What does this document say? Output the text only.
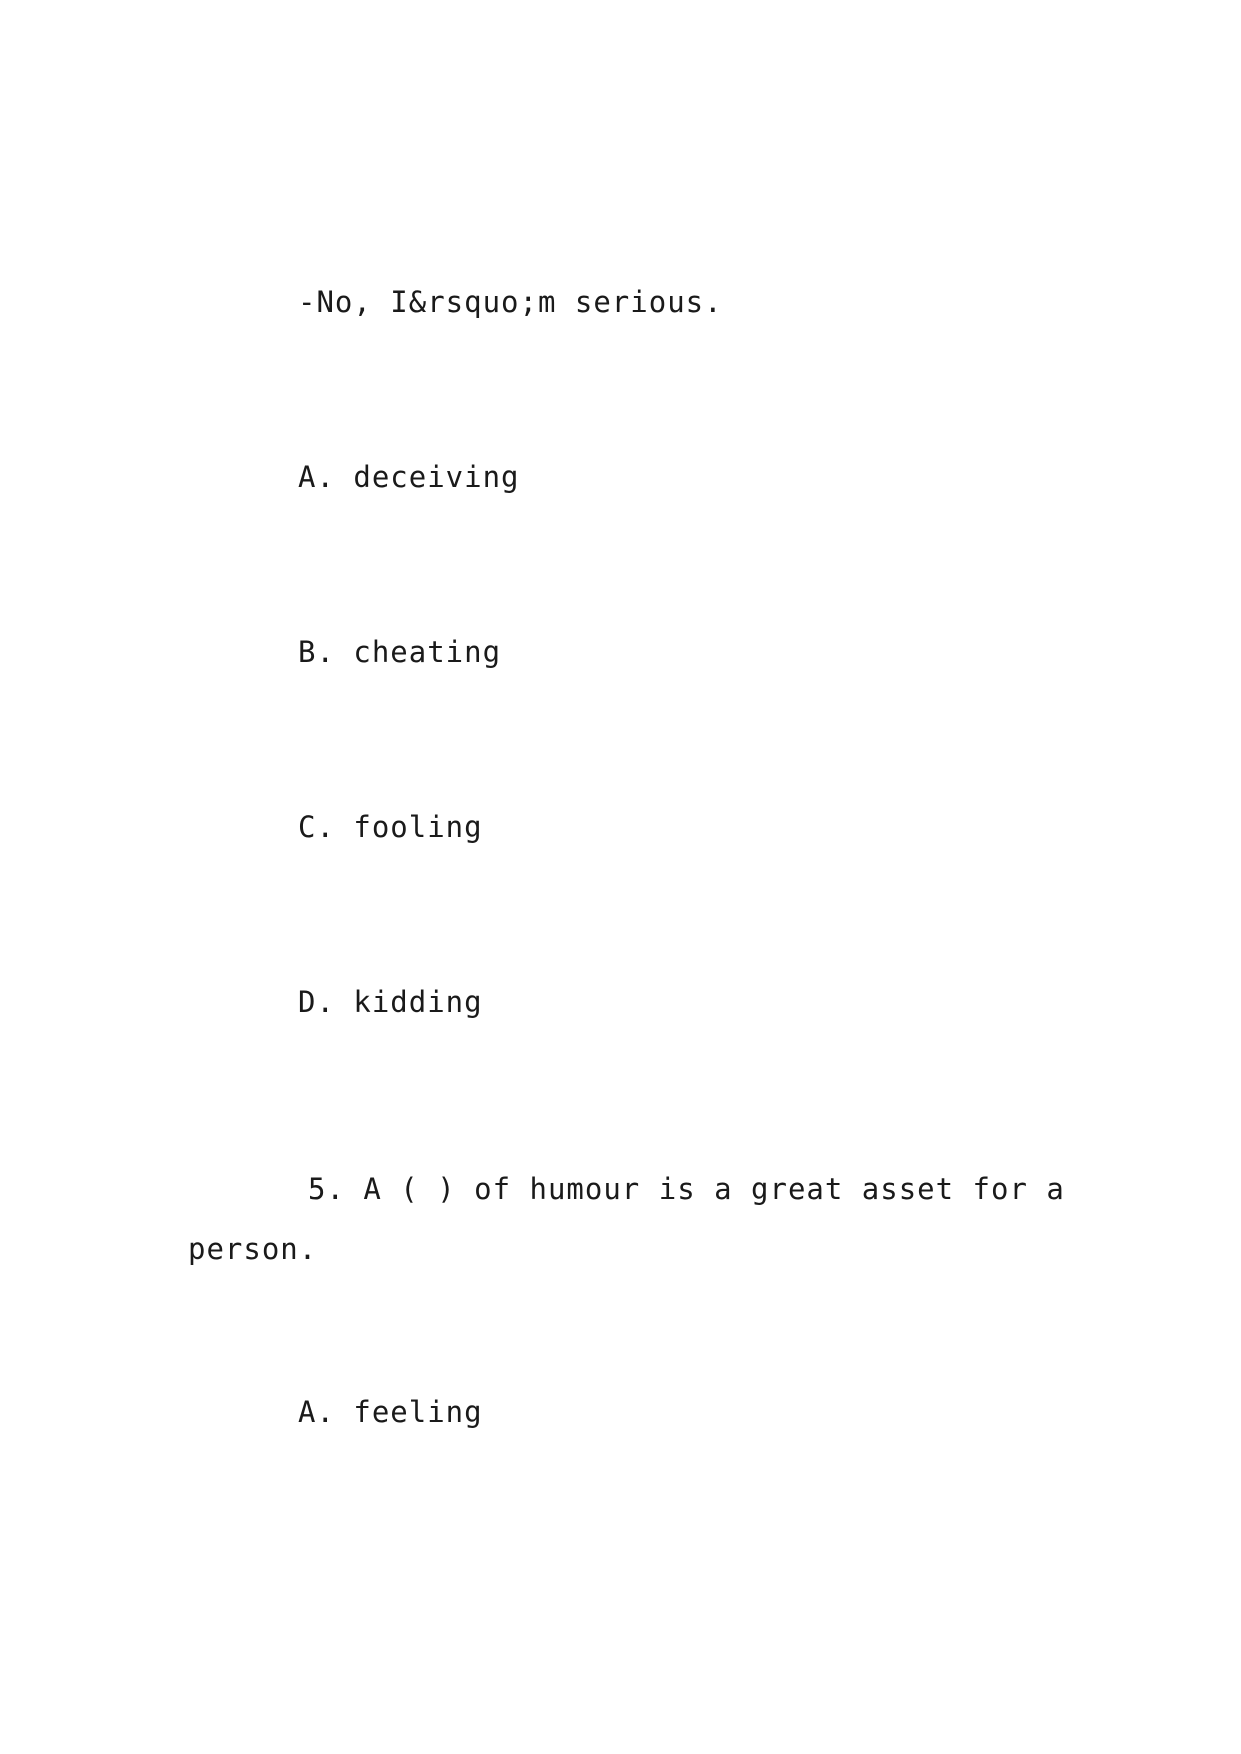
-No, I&rsquo;m serious.
A. deceiving
B. cheating
C. fooling
D. kidding
5. A ( ) of humour is a great asset for a
person.
A. feeling
